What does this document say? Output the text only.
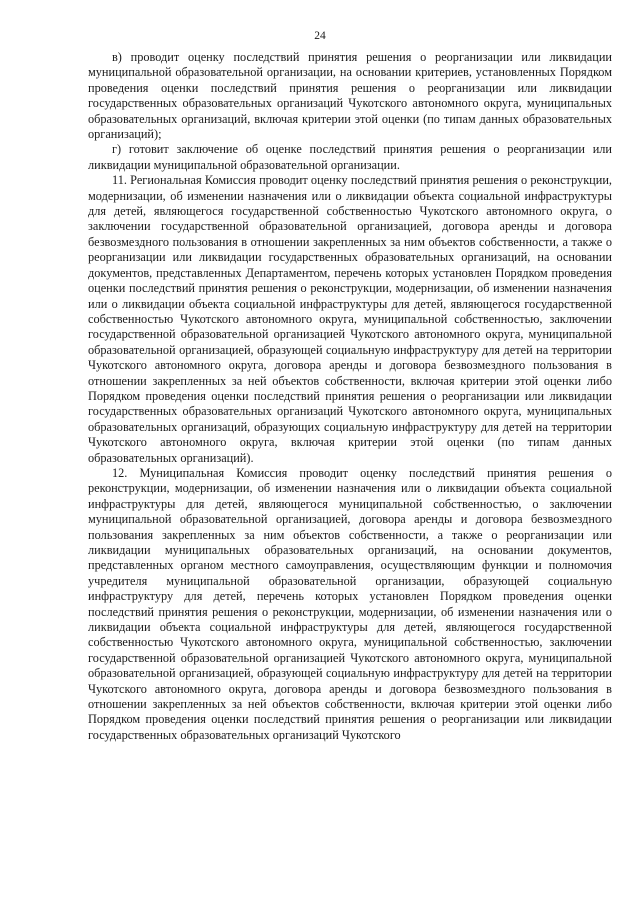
24

в) проводит оценку последствий принятия решения о реорганизации или ликвидации муниципальной образовательной организации, на основании критериев, установленных Порядком проведения оценки последствий принятия решения о реорганизации или ликвидации государственных образовательных организаций Чукотского автономного округа, муниципальных образовательных организаций, включая критерии этой оценки (по типам данных образовательных организаций);

г) готовит заключение об оценке последствий принятия решения о реорганизации или ликвидации муниципальной образовательной организации.

11. Региональная Комиссия проводит оценку последствий принятия решения о реконструкции, модернизации, об изменении назначения или о ликвидации объекта социальной инфраструктуры для детей, являющегося государственной собственностью Чукотского автономного округа, о заключении государственной образовательной организацией, договора аренды и договора безвозмездного пользования в отношении закрепленных за ним объектов собственности, а также о реорганизации или ликвидации государственных образовательных организаций, на основании документов, представленных Департаментом, перечень которых установлен Порядком проведения оценки последствий принятия решения о реконструкции, модернизации, об изменении назначения или о ликвидации объекта социальной инфраструктуры для детей, являющегося государственной собственностью Чукотского автономного округа, муниципальной собственностью, заключении государственной образовательной организацией Чукотского автономного округа, муниципальной образовательной организацией, образующей социальную инфраструктуру для детей на территории Чукотского автономного округа, договора аренды и договора безвозмездного пользования в отношении закрепленных за ней объектов собственности, включая критерии этой оценки либо Порядком проведения оценки последствий принятия решения о реорганизации или ликвидации государственных образовательных организаций Чукотского автономного округа, муниципальных образовательных организаций, образующих социальную инфраструктуру для детей на территории Чукотского автономного округа, включая критерии этой оценки (по типам данных образовательных организаций).

12. Муниципальная Комиссия проводит оценку последствий принятия решения о реконструкции, модернизации, об изменении назначения или о ликвидации объекта социальной инфраструктуры для детей, являющегося муниципальной собственностью, о заключении муниципальной образовательной организацией, договора аренды и договора безвозмездного пользования закрепленных за ним объектов собственности, а также о реорганизации или ликвидации муниципальных образовательных организаций, на основании документов, представленных органом местного самоуправления, осуществляющим функции и полномочия учредителя муниципальной образовательной организации, образующей социальную инфраструктуру для детей, перечень которых установлен Порядком проведения оценки последствий принятия решения о реконструкции, модернизации, об изменении назначения или о ликвидации объекта социальной инфраструктуры для детей, являющегося государственной собственностью Чукотского автономного округа, муниципальной собственностью, заключении государственной образовательной организацией Чукотского автономного округа, муниципальной образовательной организацией, образующей социальную инфраструктуру для детей на территории Чукотского автономного округа, договора аренды и договора безвозмездного пользования в отношении закрепленных за ней объектов собственности, включая критерии этой оценки либо Порядком проведения оценки последствий принятия решения о реорганизации или ликвидации государственных образовательных организаций Чукотского
